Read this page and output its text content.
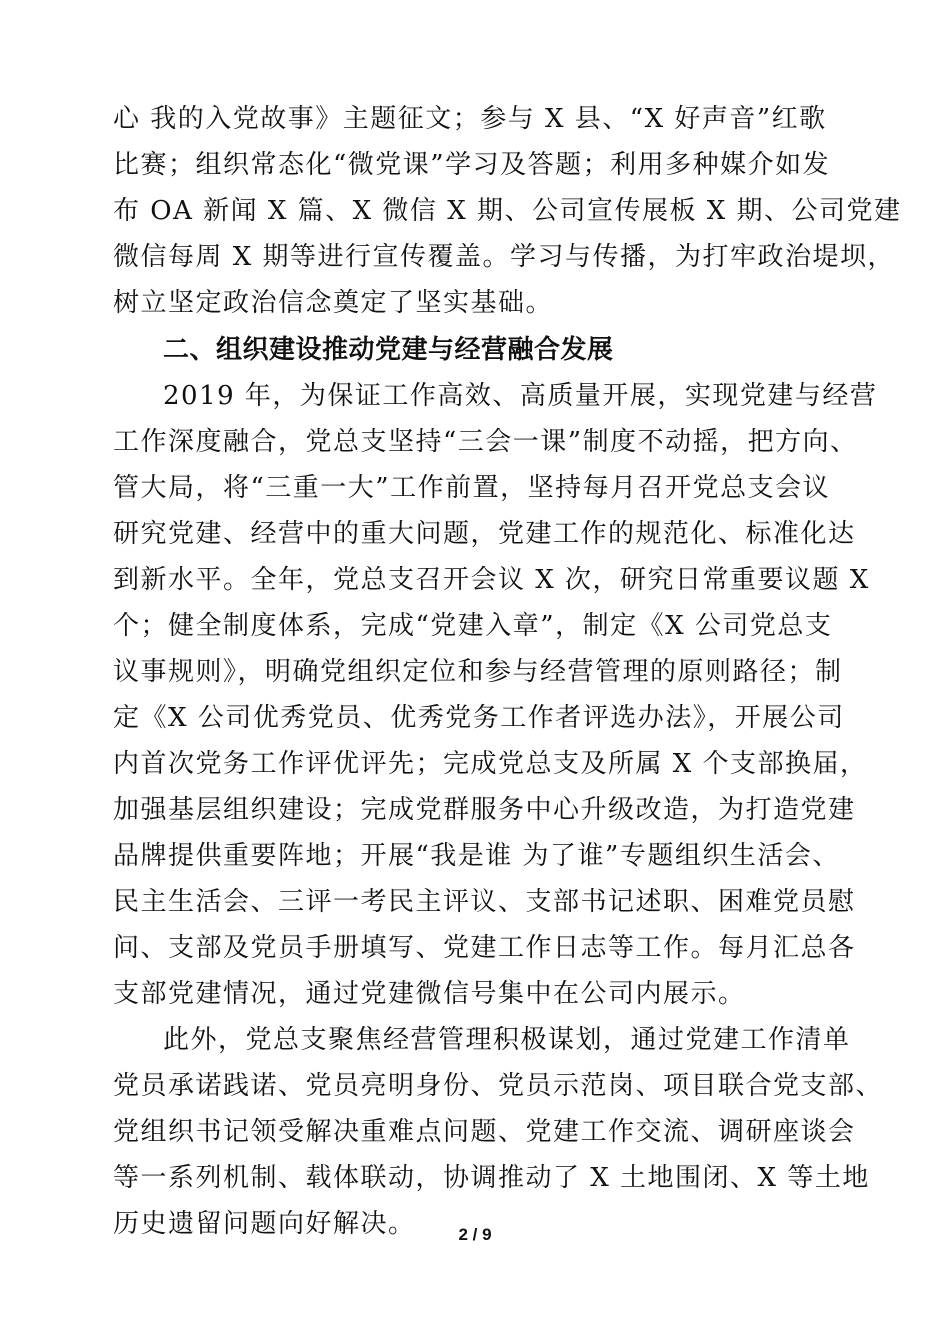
心 我的入党故事》主题征文；参与 X 县、“X 好声音”红歌
比赛；组织常态化“微党课”学习及答题；利用多种媒介如发
布 OA 新闻 X 篇、X 微信 X 期、公司宣传展板 X 期、公司党建
微信每周 X 期等进行宣传覆盖。学习与传播，为打牢政治堤坝，
树立坚定政治信念奠定了坚实基础。
二、组织建设推动党建与经营融合发展
2019 年，为保证工作高效、高质量开展，实现党建与经营
工作深度融合，党总支坚持“三会一课”制度不动摇，把方向、
管大局，将“三重一大”工作前置，坚持每月召开党总支会议
研究党建、经营中的重大问题，党建工作的规范化、标准化达
到新水平。全年，党总支召开会议 X 次，研究日常重要议题 X
个；健全制度体系，完成“党建入章”，制定《X 公司党总支
议事规则》，明确党组织定位和参与经营管理的原则路径；制
定《X 公司优秀党员、优秀党务工作者评选办法》，开展公司
内首次党务工作评优评先；完成党总支及所属 X 个支部换届，
加强基层组织建设；完成党群服务中心升级改造，为打造党建
品牌提供重要阵地；开展“我是谁 为了谁”专题组织生活会、
民主生活会、三评一考民主评议、支部书记述职、困难党员慰
问、支部及党员手册填写、党建工作日志等工作。每月汇总各
支部党建情况，通过党建微信号集中在公司内展示。
此外，党总支聚焦经营管理积极谋划，通过党建工作清单
党员承诺践诺、党员亮明身份、党员示范岗、项目联合党支部、
党组织书记领受解决重难点问题、党建工作交流、调研座谈会
等一系列机制、载体联动，协调推动了 X 土地围闭、X 等土地
历史遗留问题向好解决。	2 / 9
